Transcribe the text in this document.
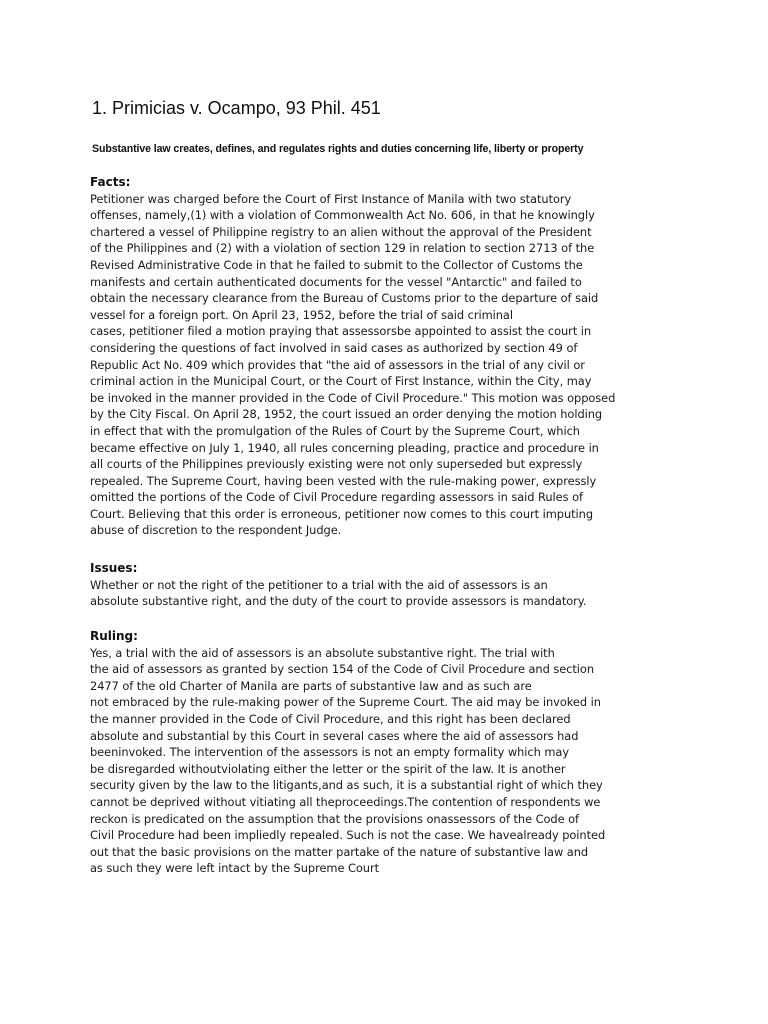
1. Primicias v. Ocampo, 93 Phil. 451

Substantive law creates, defines, and regulates rights and duties concerning life, liberty or property

Facts:

Petitioner was charged before the Court of First Instance of Manila with two statutory
offenses, namely,(1) with a violation of Commonwealth Act No. 606, in that he knowingly
chartered a vessel of Philippine registry to an alien without the approval of the President
of the Philippines and (2) with a violation of section 129 in relation to section 2713 of the
Revised Administrative Code in that he failed to submit to the Collector of Customs the
manifests and certain authenticated documents for the vessel "Antarctic" and failed to
obtain the necessary clearance from the Bureau of Customs prior to the departure of said
vessel for a foreign port. On April 23, 1952, before the trial of said criminal
cases, petitioner filed a motion praying that assessorsbe appointed to assist the court in
considering the questions of fact involved in said cases as authorized by section 49 of
Republic Act No. 409 which provides that "the aid of assessors in the trial of any civil or
criminal action in the Municipal Court, or the Court of First Instance, within the City, may
be invoked in the manner provided in the Code of Civil Procedure." This motion was opposed
by the City Fiscal. On April 28, 1952, the court issued an order denying the motion holding
in effect that with the promulgation of the Rules of Court by the Supreme Court, which
became effective on July 1, 1940, all rules concerning pleading, practice and procedure in
all courts of the Philippines previously existing were not only superseded but expressly
repealed. The Supreme Court, having been vested with the rule-making power, expressly
omitted the portions of the Code of Civil Procedure regarding assessors in said Rules of
Court. Believing that this order is erroneous, petitioner now comes to this court imputing
abuse of discretion to the respondent Judge.

Issues:

Whether or not the right of the petitioner to a trial with the aid of assessors is an
absolute substantive right, and the duty of the court to provide assessors is mandatory.

Ruling:

Yes, a trial with the aid of assessors is an absolute substantive right. The trial with
the aid of assessors as granted by section 154 of the Code of Civil Procedure and section
2477 of the old Charter of Manila are parts of substantive law and as such are
not embraced by the rule-making power of the Supreme Court. The aid may be invoked in
the manner provided in the Code of Civil Procedure, and this right has been declared
absolute and substantial by this Court in several cases where the aid of assessors had
beeninvoked. The intervention of the assessors is not an empty formality which may
be disregarded withoutviolating either the letter or the spirit of the law. It is another
security given by the law to the litigants,and as such, it is a substantial right of which they
cannot be deprived without vitiating all theproceedings.The contention of respondents we
reckon is predicated on the assumption that the provisions onassessors of the Code of
Civil Procedure had been impliedly repealed. Such is not the case. We havealready pointed
out that the basic provisions on the matter partake of the nature of substantive law and
as such they were left intact by the Supreme Court
